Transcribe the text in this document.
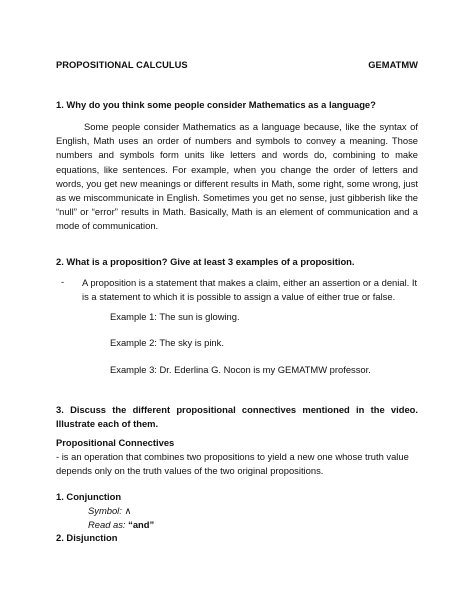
PROPOSITIONAL CALCULUS	GEMATMW
1. Why do you think some people consider Mathematics as a language?
Some people consider Mathematics as a language because, like the syntax of English, Math uses an order of numbers and symbols to convey a meaning. Those numbers and symbols form units like letters and words do, combining to make equations, like sentences. For example, when you change the order of letters and words, you get new meanings or different results in Math, some right, some wrong, just as we miscommunicate in English. Sometimes you get no sense, just gibberish like the “null” or “error” results in Math. Basically, Math is an element of communication and a mode of communication.
2. What is a proposition? Give at least 3 examples of a proposition.
- A proposition is a statement that makes a claim, either an assertion or a denial. It is a statement to which it is possible to assign a value of either true or false.
Example 1: The sun is glowing.
Example 2: The sky is pink.
Example 3: Dr. Ederlina G. Nocon is my GEMATMW professor.
3. Discuss the different propositional connectives mentioned in the video. Illustrate each of them.
Propositional Connectives
- is an operation that combines two propositions to yield a new one whose truth value depends only on the truth values of the two original propositions.
1. Conjunction
Symbol: ∧
Read as: “and”
2. Disjunction
